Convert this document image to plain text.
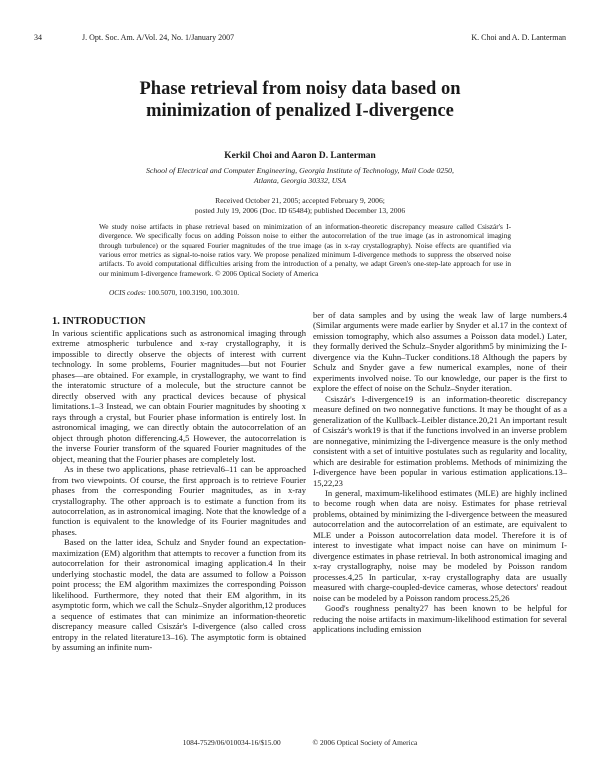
34	J. Opt. Soc. Am. A/Vol. 24, No. 1/January 2007	K. Choi and A. D. Lanterman
Phase retrieval from noisy data based on
minimization of penalized I-divergence
Kerkil Choi and Aaron D. Lanterman
School of Electrical and Computer Engineering, Georgia Institute of Technology, Mail Code 0250,
Atlanta, Georgia 30332, USA
Received October 21, 2005; accepted February 9, 2006;
posted July 19, 2006 (Doc. ID 65484); published December 13, 2006
We study noise artifacts in phase retrieval based on minimization of an information-theoretic discrepancy measure called Csiszár's I-divergence. We specifically focus on adding Poisson noise to either the autocorrelation of the true image (as in astronomical imaging through turbulence) or the squared Fourier magnitudes of the true image (as in x-ray crystallography). Noise effects are quantified via various error metrics as signal-to-noise ratios vary. We propose penalized minimum I-divergence methods to suppress the observed noise artifacts. To avoid computational difficulties arising from the introduction of a penalty, we adapt Green's one-step-late approach for use in our minimum I-divergence framework. © 2006 Optical Society of America
OCIS codes: 100.5070, 100.3190, 100.3010.
1. INTRODUCTION

In various scientific applications such as astronomical imaging through extreme atmospheric turbulence and x-ray crystallography, it is impossible to directly observe the objects of interest with current technology. In some problems, Fourier magnitudes—but not Fourier phases—are obtained. For example, in crystallography, we want to find the interatomic structure of a molecule, but the structure cannot be directly observed with any practical devices because of physical limitations.1–3 Instead, we can obtain Fourier magnitudes by shooting x rays through a crystal, but Fourier phase information is entirely lost. In astronomical imaging, we can directly obtain the autocorrelation of an object through photon differencing.4,5 However, the autocorrelation is the inverse Fourier transform of the squared Fourier magnitudes of the object, meaning that the Fourier phases are completely lost.

As in these two applications, phase retrieval6–11 can be approached from two viewpoints. Of course, the first approach is to retrieve Fourier phases from the corresponding Fourier magnitudes, as in x-ray crystallography. The other approach is to estimate a function from its autocorrelation, as in astronomical imaging. Note that the knowledge of a function is equivalent to the knowledge of its Fourier magnitudes and phases.

Based on the latter idea, Schulz and Snyder found an expectation-maximization (EM) algorithm that attempts to recover a function from its autocorrelation for their astronomical imaging application.4 In their underlying stochastic model, the data are assumed to follow a Poisson point process; the EM algorithm maximizes the corresponding Poisson likelihood. Furthermore, they noted that their EM algorithm, in its asymptotic form, which we call the Schulz–Snyder algorithm,12 produces a sequence of estimates that can minimize an information-theoretic discrepancy measure called Csiszár's I-divergence (also called cross entropy in the related literature13–16). The asymptotic form is obtained by assuming an infinite num-

ber of data samples and by using the weak law of large numbers.4 (Similar arguments were made earlier by Snyder et al.17 in the context of emission tomography, which also assumes a Poisson data model.) Later, they formally derived the Schulz–Snyder algorithm5 by minimizing the I-divergence via the Kuhn–Tucker conditions.18 Although the papers by Schulz and Snyder gave a few numerical examples, none of their experiments involved noise. To our knowledge, our paper is the first to explore the effect of noise on the Schulz–Snyder iteration.

Csiszár's I-divergence19 is an information-theoretic discrepancy measure defined on two nonnegative functions. It may be thought of as a generalization of the Kullback–Leibler distance.20,21 An important result of Csiszár's work19 is that if the functions involved in an inverse problem are nonnegative, minimizing the I-divergence measure is the only method consistent with a set of intuitive postulates such as regularity and locality, which are desirable for estimation problems. Methods of minimizing the I-divergence have been popular in various estimation applications.13–15,22,23

In general, maximum-likelihood estimates (MLE) are highly inclined to become rough when data are noisy. Estimates for phase retrieval problems, obtained by minimizing the I-divergence between the measured autocorrelation and the autocorrelation of an estimate, are equivalent to MLE under a Poisson autocorrelation data model. Therefore it is of interest to investigate what impact noise can have on minimum I-divergence estimates in phase retrieval. In both astronomical imaging and x-ray crystallography, noise may be modeled by Poisson random processes.4,25 In particular, x-ray crystallography data are usually measured with charge-coupled-device cameras, whose detectors' readout noise can be modeled by a Poisson random process.25,26

Good's roughness penalty27 has been known to be helpful for reducing the noise artifacts in maximum-likelihood estimation for several applications including emission

1084-7529/06/010034-16/$15.00	© 2006 Optical Society of America
